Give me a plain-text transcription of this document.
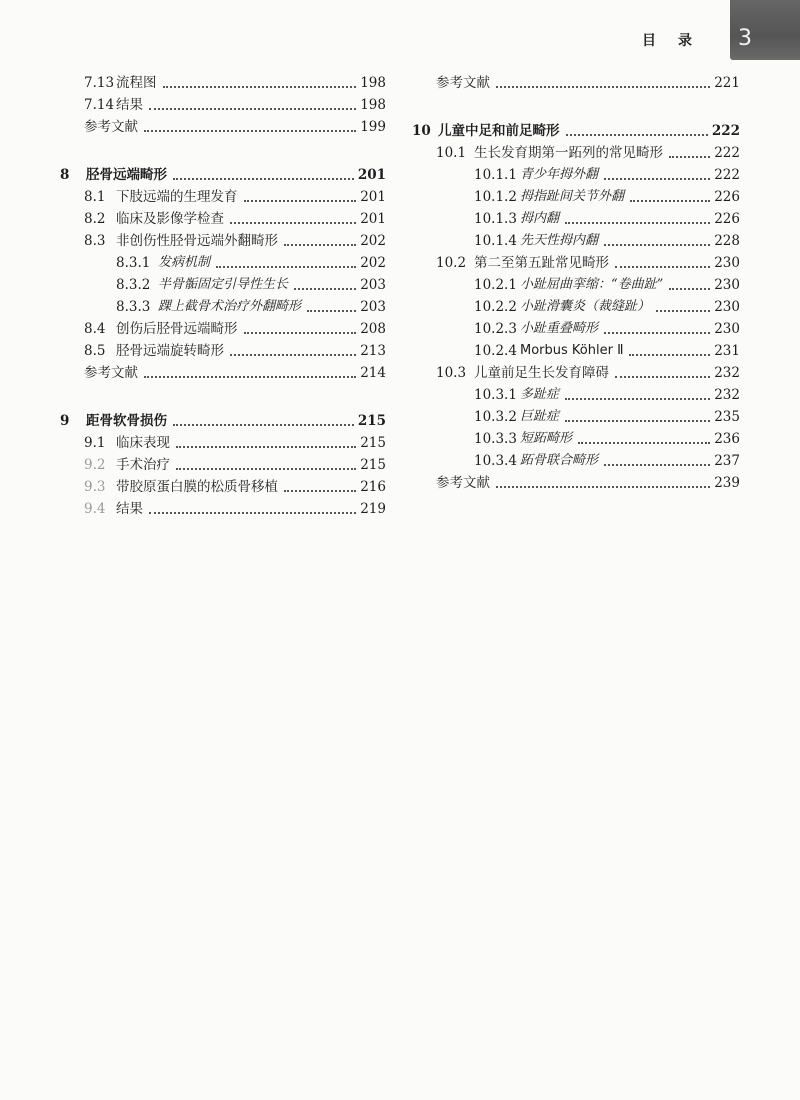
目录 3
7.13 流程图	198
7.14 结果	198
参考文献	199
8	胫骨远端畸形	201
8.1 下肢远端的生理发育	201
8.2 临床及影像学检查	201
8.3 非创伤性胫骨远端外翻畸形	202
8.3.1 发病机制	202
8.3.2 半骨骺固定引导性生长	203
8.3.3 踝上截骨术治疗外翻畸形	203
8.4 创伤后胫骨远端畸形	208
8.5 胫骨远端旋转畸形	213
参考文献	214
9	距骨软骨损伤	215
9.1 临床表现	215
9.2 手术治疗	215
9.3 带胶原蛋白膜的松质骨移植	216
9.4 结果	219
参考文献	221
10 儿童中足和前足畸形	222
10.1 生长发育期第一跖列的常见畸形	222
10.1.1 青少年拇外翻	222
10.1.2 拇指趾间关节外翻	226
10.1.3 拇内翻	226
10.1.4 先天性拇内翻	228
10.2 第二至第五趾常见畸形	230
10.2.1 小趾屈曲挛缩：“卷曲趾”	230
10.2.2 小趾滑囊炎（裁缝趾）	230
10.2.3 小趾重叠畸形	230
10.2.4 Morbus Köhler Ⅱ	231
10.3 儿童前足生长发育障碍	232
10.3.1 多趾症	232
10.3.2 巨趾症	235
10.3.3 短跖畸形	236
10.3.4 跖骨联合畸形	237
参考文献	239
